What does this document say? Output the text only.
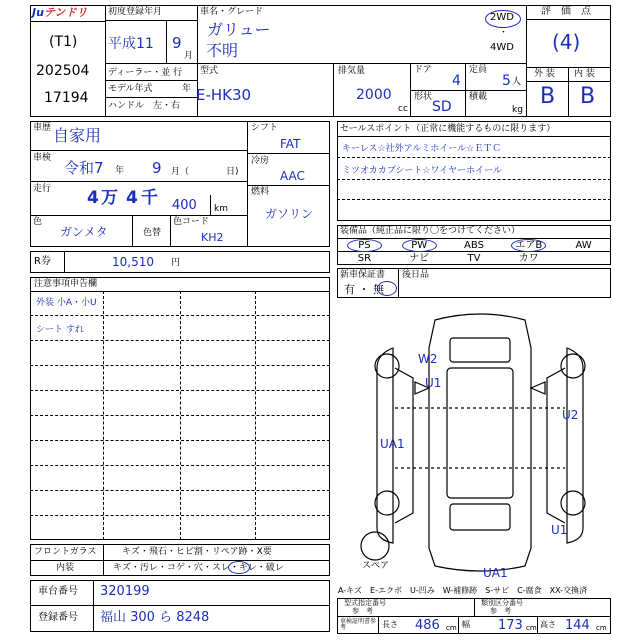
Juテンドリ
(T1)
202504
17194
初度登録年月
平成11 9
月
車名・グレード
ガリュー
不明
2WD
・
4WD
評　価　点
(4)
外 装 内 装
B B
ディーラー・並 行
モデル年式	年
ハンドル　左・右
型式
E-HK30
排気量
2000
cc
ドア
4
定員
5 人
形状
SD
積載
kg
車歴 自家用
車検
令和7 年 9 月（	日)
走行 4 万 4 千 400 km
色
ガンメタ	色替
色コード
KH2
シフト
FAT
冷房
AAC
燃料
ガソリン
R券	10,510 円
注意事項申告欄
外装 小A・小U
シート すれ
フロントガラス	キズ・飛石・ヒビ割・リペア跡・X要
内装	キズ・汚レ・コゲ・穴・スレ・キレ・破レ
車台番号 320199
登録番号 福山 300 ら 8248
セールスポイント（正常に機能するものに限ります）
キーレス☆社外アルミホイール☆ＥＴＣ
ミツオカカブシート☆ワイヤーホイール
装備品（純正品に限り〇をつけてください）
PS	PW	ABS	エアB	AW
SR	ナビ	TV	カワ
新車保証書
有 ・ 無
後日品
W2
U1
U2
UA1
U1
UA1
スペア
A-キズ　E-エクボ　U-凹み　W-補修跡　S-サビ　C-腐食　XX-交換済
型式指定番号
参　考
類別区分番号
参　考
車検証明書参　考	長さ 486 cm 幅 173 cm 高さ 144 cm
